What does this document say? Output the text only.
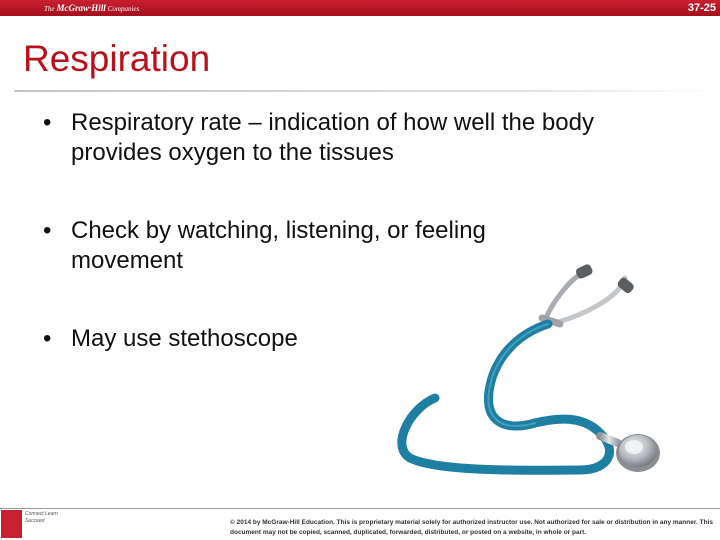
The McGraw·Hill Companies	37-25
Respiration
• Respiratory rate – indication of how well the body provides oxygen to the tissues
• Check by watching, listening, or feeling movement
• May use stethoscope
Connect Learn Succeed	© 2014 by McGraw-Hill Education. This is proprietary material solely for authorized instructor use. Not authorized for sale or distribution in any manner. This document may not be copied, scanned, duplicated, forwarded, distributed, or posted on a website, in whole or part.
